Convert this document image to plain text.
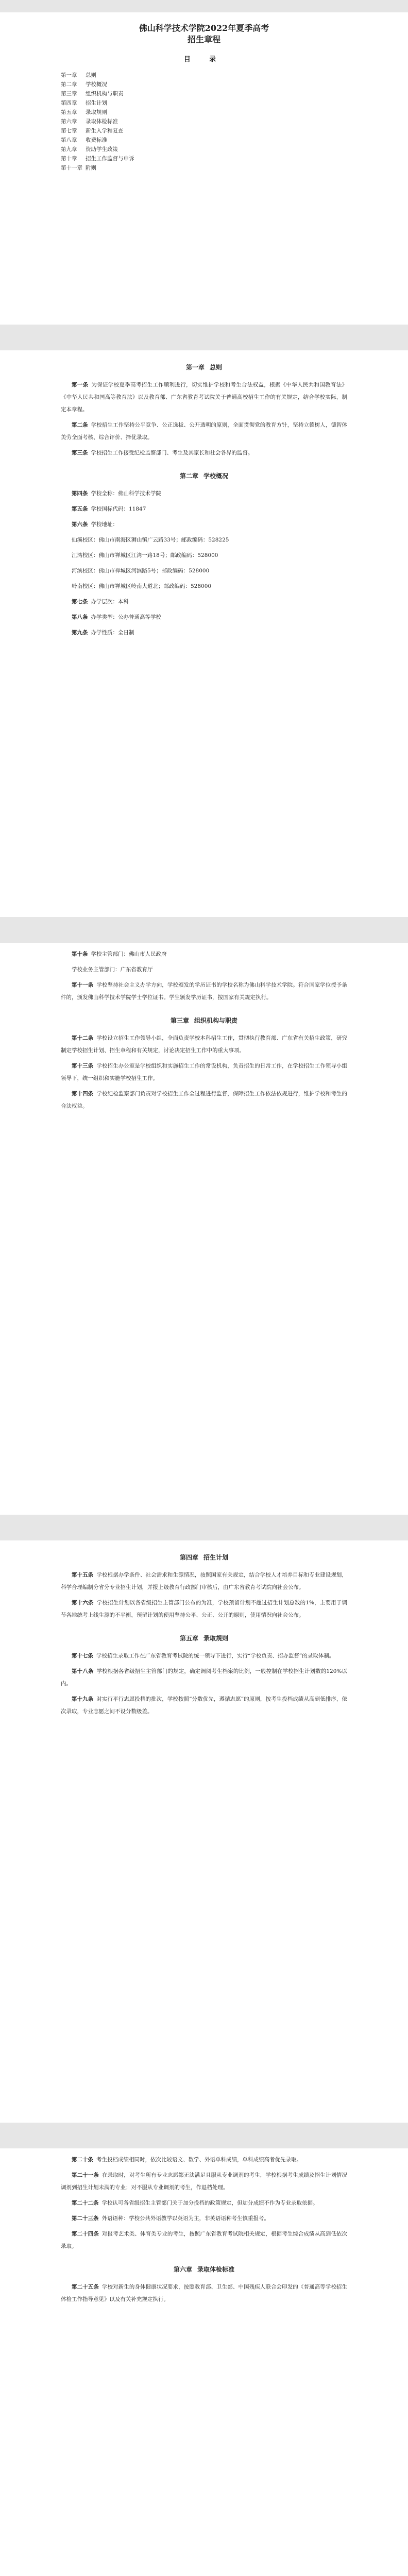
佛山科学技术学院2022年夏季高考

招生章程

目 录

第一章 总则

第二章 学校概况

第三章 组织机构与职责

第四章 招生计划

第五章 录取规则

第六章 录取体检标准

第七章 新生入学和复查

第八章 收费标准

第九章 资助学生政策

第十章 招生工作监督与申诉

第十一章 附则

第一章 总则

第一条 为保证学校夏季高考招生工作顺利进行，切实维护学校和考生合法权益，根据《中华人民共和国教育法》《中华人民共和国高等教育法》以及教育部、广东省教育考试院关于普通高校招生工作的有关规定，结合学校实际，制定本章程。

第二条 学校招生工作坚持公平竞争、公正选拔、公开透明的原则，全面贯彻党的教育方针，坚持立德树人，德智体美劳全面考核、综合评价、择优录取。

第三条 学校招生工作接受纪检监察部门、考生及其家长和社会各界的监督。

第二章 学校概况

第四条 学校全称：佛山科学技术学院

第五条 学校国标代码：11847

第六条 学校地址：

仙溪校区：佛山市南海区狮山镇广云路33号；邮政编码：528225

江湾校区：佛山市禅城区江湾一路18号；邮政编码：528000

河滨校区：佛山市禅城区河滨路5号；邮政编码：528000

岭南校区：佛山市禅城区岭南大道北；邮政编码：528000

第七条 办学层次：本科

第八条 办学类型：公办普通高等学校

第九条 办学性质：全日制

第十条 学校主管部门：佛山市人民政府

学校业务主管部门：广东省教育厅

第十一条 学校坚持社会主义办学方向，学校颁发的学历证书的学校名称为佛山科学技术学院。符合国家学位授予条件的，颁发佛山科学技术学院学士学位证书。学生颁发学历证书，按国家有关规定执行。

第三章 组织机构与职责

第十二条 学校设立招生工作领导小组，全面负责学校本科招生工作，贯彻执行教育部、广东省有关招生政策，研究制定学校招生计划、招生章程和有关规定，讨论决定招生工作中的重大事项。

第十三条 学校招生办公室是学校组织和实施招生工作的常设机构，负责招生的日常工作，在学校招生工作领导小组领导下，统一组织和实施学校招生工作。

第十四条 学校纪检监察部门负责对学校招生工作全过程进行监督，保障招生工作依法依规进行，维护学校和考生的合法权益。

第四章 招生计划

第十五条 学校根据办学条件、社会需求和生源情况，按照国家有关规定，结合学校人才培养目标和专业建设规划，科学合理编制分省分专业招生计划，并报上级教育行政部门审核后，由广东省教育考试院向社会公布。

第十六条 学校招生计划以各省级招生主管部门公布的为准，学校预留计划不超过招生计划总数的1%，主要用于调节各地统考上线生源的不平衡，预留计划的使用坚持公平、公正、公开的原则，使用情况向社会公布。

第五章 录取规则

第十七条 学校招生录取工作在广东省教育考试院的统一领导下进行，实行“学校负责、招办监督”的录取体制。

第十八条 学校根据各省级招生主管部门的规定，确定调阅考生档案的比例，一般控制在学校招生计划数的120%以内。

第十九条 对实行平行志愿投档的批次，学校按照“分数优先，遵循志愿”的原则，按考生投档成绩从高到低排序，依次录取，专业志愿之间不设分数级差。

第二十条 考生投档成绩相同时，依次比较语文、数学、外语单科成绩，单科成绩高者优先录取。

第二十一条 在录取时，对考生所有专业志愿都无法满足且服从专业调剂的考生，学校根据考生成绩及招生计划情况调剂到招生计划未满的专业；对不服从专业调剂的考生，作退档处理。

第二十二条 学校认可各省级招生主管部门关于加分投档的政策规定，但加分成绩不作为专业录取依据。

第二十三条 外语语种：学校公共外语教学以英语为主，非英语语种考生慎重报考。

第二十四条 对报考艺术类、体育类专业的考生，按照广东省教育考试院相关规定，根据考生综合成绩从高到低依次录取。

第六章 录取体检标准

第二十五条 学校对新生的身体健康状况要求，按照教育部、卫生部、中国残疾人联合会印发的《普通高等学校招生体检工作指导意见》以及有关补充规定执行。
